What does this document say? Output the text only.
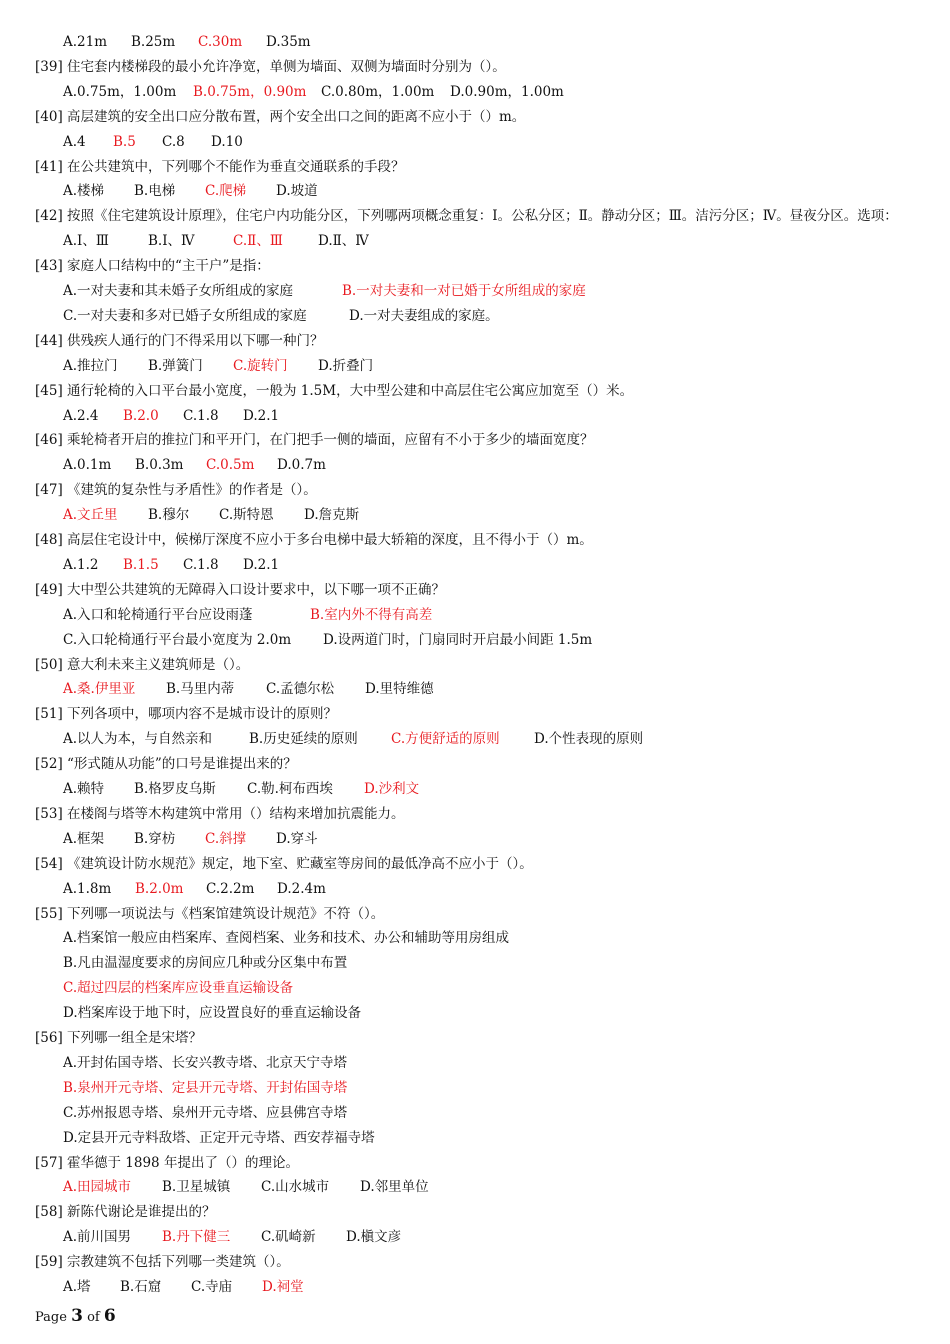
A.21m B.25m C.30m D.35m
[39] 住宅套内楼梯段的最小允许净宽，单侧为墙面、双侧为墙面时分别为（）。
A.0.75m，1.00m B.0.75m，0.90m C.0.80m，1.00m D.0.90m，1.00m
[40] 高层建筑的安全出口应分散布置，两个安全出口之间的距离不应小于（）m。
A.4 B.5 C.8 D.10
[41] 在公共建筑中，下列哪个不能作为垂直交通联系的手段？
A.楼梯 B.电梯 C.爬梯 D.坡道
[42] 按照《住宅建筑设计原理》，住宅户内功能分区，下列哪两项概念重复：Ⅰ。公私分区；Ⅱ。静动分区；Ⅲ。洁污分区；Ⅳ。昼夜分区。选项：
A.Ⅰ、Ⅲ	B.Ⅰ、Ⅳ	C.Ⅱ、Ⅲ	D.Ⅱ、Ⅳ
[43] 家庭人口结构中的“主干户”是指：
A.一对夫妻和其未婚子女所组成的家庭	B.一对夫妻和一对已婚于女所组成的家庭
C.一对夫妻和多对已婚子女所组成的家庭	D.一对夫妻组成的家庭。
[44] 供残疾人通行的门不得采用以下哪一种门？
A.推拉门 B.弹簧门 C.旋转门 D.折叠门
[45] 通行轮椅的入口平台最小宽度，一般为 1.5M，大中型公建和中高层住宅公寓应加宽至（）米。
A.2.4 B.2.0 C.1.8 D.2.1
[46] 乘轮椅者开启的推拉门和平开门，在门把手一侧的墙面，应留有不小于多少的墙面宽度？
A.0.1m B.0.3m C.0.5m D.0.7m
[47] 《建筑的复杂性与矛盾性》的作者是（）。
A.文丘里 B.穆尔 C.斯特恩 D.詹克斯
[48] 高层住宅设计中，候梯厅深度不应小于多台电梯中最大轿箱的深度，且不得小于（）m。
A.1.2 B.1.5 C.1.8 D.2.1
[49] 大中型公共建筑的无障碍入口设计要求中，以下哪一项不正确？
A.入口和轮椅通行平台应设雨蓬	B.室内外不得有高差
C.入口轮椅通行平台最小宽度为 2.0m D.设两道门时，门扇同时开启最小间距 1.5m
[50] 意大利未来主义建筑师是（）。
A.桑.伊里亚 B.马里内蒂 C.孟德尔松 D.里特维德
[51] 下列各项中，哪项内容不是城市设计的原则？
A.以人为本，与自然亲和	B.历史延续的原则 C.方便舒适的原则	D.个性表现的原则
[52] “形式随从功能”的口号是谁提出来的？
A.赖特 B.格罗皮乌斯 C.勒.柯布西埃 D.沙利文
[53] 在楼阁与塔等木构建筑中常用（）结构来增加抗震能力。
A.框架 B.穿枋 C.斜撑 D.穿斗
[54] 《建筑设计防水规范》规定，地下室、贮藏室等房间的最低净高不应小于（）。
A.1.8m B.2.0m C.2.2m D.2.4m
[55] 下列哪一项说法与《档案馆建筑设计规范》不符（）。
A.档案馆一般应由档案库、查阅档案、业务和技术、办公和辅助等用房组成
B.凡由温湿度要求的房间应几种或分区集中布置
C.超过四层的档案库应设垂直运输设备
D.档案库设于地下时，应设置良好的垂直运输设备
[56] 下列哪一组全是宋塔？
A.开封佑国寺塔、长安兴教寺塔、北京天宁寺塔
B.泉州开元寺塔、定县开元寺塔、开封佑国寺塔
C.苏州报恩寺塔、泉州开元寺塔、应县佛宫寺塔
D.定县开元寺料敌塔、正定开元寺塔、西安荐福寺塔
[57] 霍华德于 1898 年提出了（）的理论。
A.田园城市 B.卫星城镇 C.山水城市 D.邻里单位
[58] 新陈代谢论是谁提出的？
A.前川国男 B.丹下健三 C.矶崎新 D.槇文彦
[59] 宗教建筑不包括下列哪一类建筑（）。
A.塔 B.石窟 C.寺庙 D.祠堂
Page 3 of 6
